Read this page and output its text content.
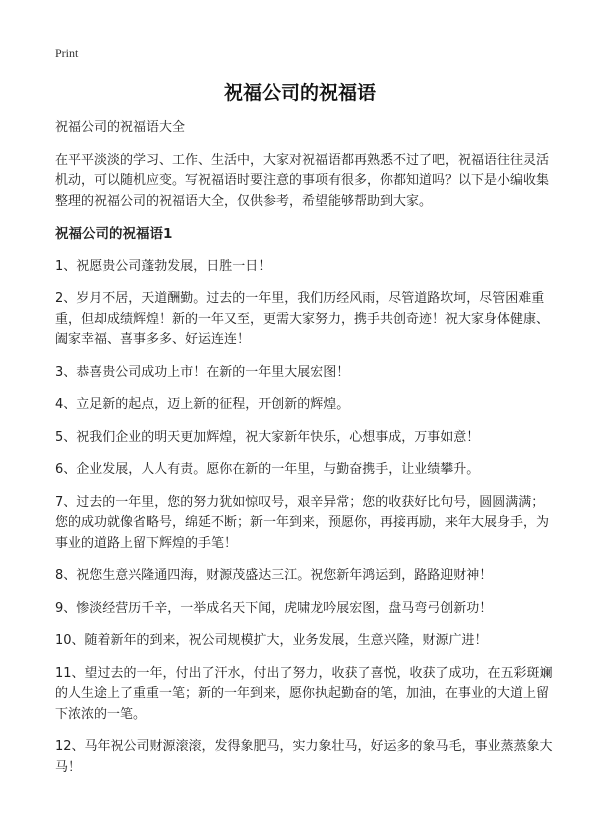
Print
祝福公司的祝福语

祝福公司的祝福语大全

在平平淡淡的学习、工作、生活中，大家对祝福语都再熟悉不过了吧，祝福语往往灵活机动，可以随机应变。写祝福语时要注意的事项有很多，你都知道吗？以下是小编收集整理的祝福公司的祝福语大全，仅供参考，希望能够帮助到大家。

祝福公司的祝福语1

1、祝愿贵公司蓬勃发展，日胜一日！
2、岁月不居，天道酬勤。过去的一年里，我们历经风雨，尽管道路坎坷，尽管困难重重，但却成绩辉煌！新的一年又至，更需大家努力，携手共创奇迹！祝大家身体健康、阖家幸福、喜事多多、好运连连！
3、恭喜贵公司成功上市！在新的一年里大展宏图！
4、立足新的起点，迈上新的征程，开创新的辉煌。
5、祝我们企业的明天更加辉煌，祝大家新年快乐，心想事成，万事如意！
6、企业发展，人人有责。愿你在新的一年里，与勤奋携手，让业绩攀升。
7、过去的一年里，您的努力犹如惊叹号，艰辛异常；您的收获好比句号，圆圆满满；您的成功就像省略号，绵延不断；新一年到来，预愿你，再接再励，来年大展身手，为事业的道路上留下辉煌的手笔！
8、祝您生意兴隆通四海，财源茂盛达三江。祝您新年鸿运到，路路迎财神！
9、惨淡经营历千辛，一举成名天下闻，虎啸龙吟展宏图，盘马弯弓创新功！
10、随着新年的到来，祝公司规模扩大，业务发展，生意兴隆，财源广进！
11、望过去的一年，付出了汗水，付出了努力，收获了喜悦，收获了成功，在五彩斑斓的人生途上了重重一笔；新的一年到来，愿你执起勤奋的笔，加油，在事业的大道上留下浓浓的一笔。
12、马年祝公司财源滚滚，发得象肥马，实力象壮马，好运多的象马毛，事业蒸蒸象大马！
